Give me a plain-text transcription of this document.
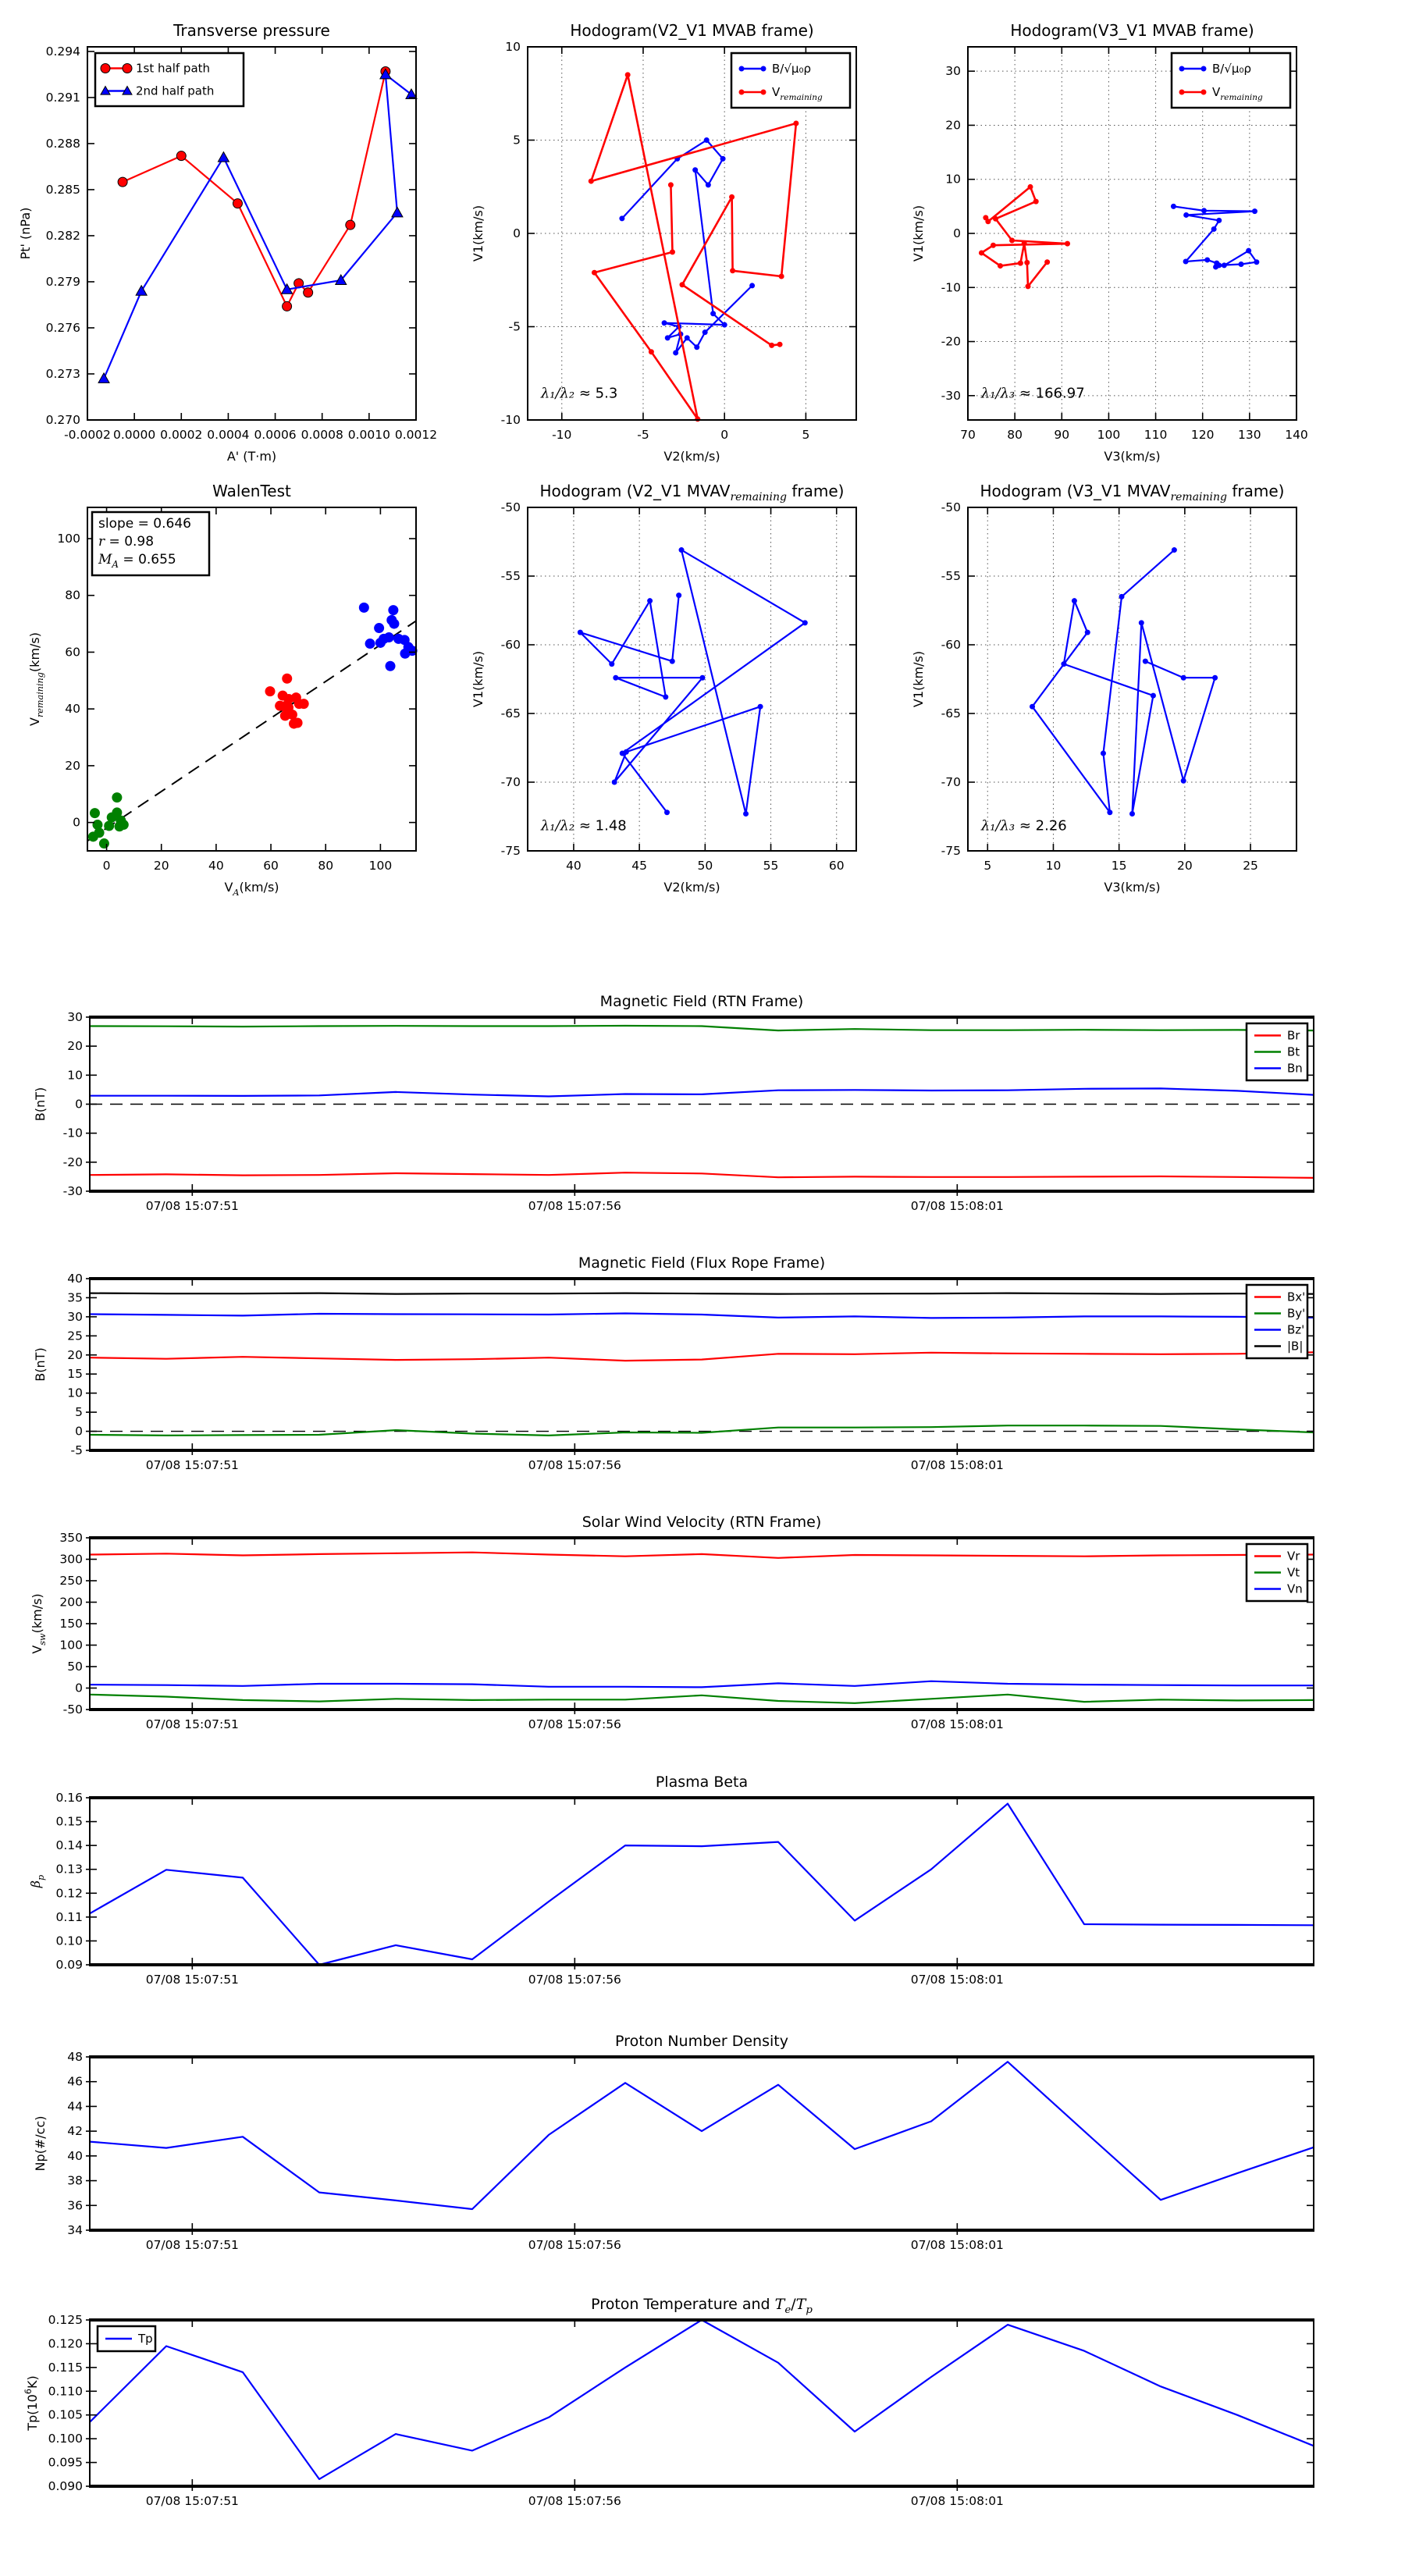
-0.0002 0.0000 0.0002 0.0004 0.0006 0.0008 0.0010 0.0012
0.270
0.273
0.276
0.279
0.282
0.285
0.288
0.291
0.294
Transverse pressure
A' (T·m)
Pt' (nPa)
1st half path
2nd half path
-10	-5	0	5
-10
-5
0
5
10
Hodogram(V2_V1 MVAB frame)
V2(km/s)
V1(km/s)
λ₁/λ₂ ≈ 5.3
B/√μ₀ρ
$V_{remaining}$
70	80	90 100 110 120 130 140
-30
-20
-10
0
10
20
30
Hodogram(V3_V1 MVAB frame)
V3(km/s)
V1(km/s)
λ₁/λ₃ ≈ 166.97
B/√μ₀ρ
$V_{remaining}$
0	20	40	60	80	100
0
20
40
60
80
100
WalenTest
$V_A(km/s)$
$V_{remaining}(km/s)$
slope = 0.646
r = 0.98
$M_A = 0.655$
40	45	50	55	60
-75
-70
-65
-60
-55
-50
Hodogram (V2_V1 $MVAV_{remaining}$ frame)
V2(km/s)
V1(km/s)
λ₁/λ₂ ≈ 1.48
5	10	15	20	25
-75
-70
-65
-60
-55
-50
Hodogram (V3_V1 $MVAV_{remaining}$ frame)
V3(km/s)
V1(km/s)
λ₁/λ₃ ≈ 2.26
07/08 15:07:51	07/08 15:07:56	07/08 15:08:01
-30
-20
-10
0
10
20
30
Magnetic Field (RTN Frame)
B(nT)
Br
Bt
Bn
07/08 15:07:51	07/08 15:07:56	07/08 15:08:01
-5
0
5
10
15
20
25
30
35
40
Magnetic Field (Flux Rope Frame)
B(nT)
Bx'
By'
Bz'
|B|
07/08 15:07:51	07/08 15:07:56	07/08 15:08:01
-50
0
50
100
150
200
250
300
350
Solar Wind Velocity (RTN Frame)
$V_{sw}(km/s)$
Vr
Vt
Vn
07/08 15:07:51	07/08 15:07:56	07/08 15:08:01
0.09
0.10
0.11
0.12
0.13
0.14
0.15
0.16
Plasma Beta
$\beta_p$
07/08 15:07:51	07/08 15:07:56	07/08 15:08:01
34
36
38
40
42
44
46
48
Proton Number Density
Np(#/cc)
07/08 15:07:51	07/08 15:07:56	07/08 15:08:01
0.090
0.095
0.100
0.105
0.110
0.115
0.120
0.125
Proton Temperature and $T_e/T_p$
$Tp(10^6K)$
Tp
